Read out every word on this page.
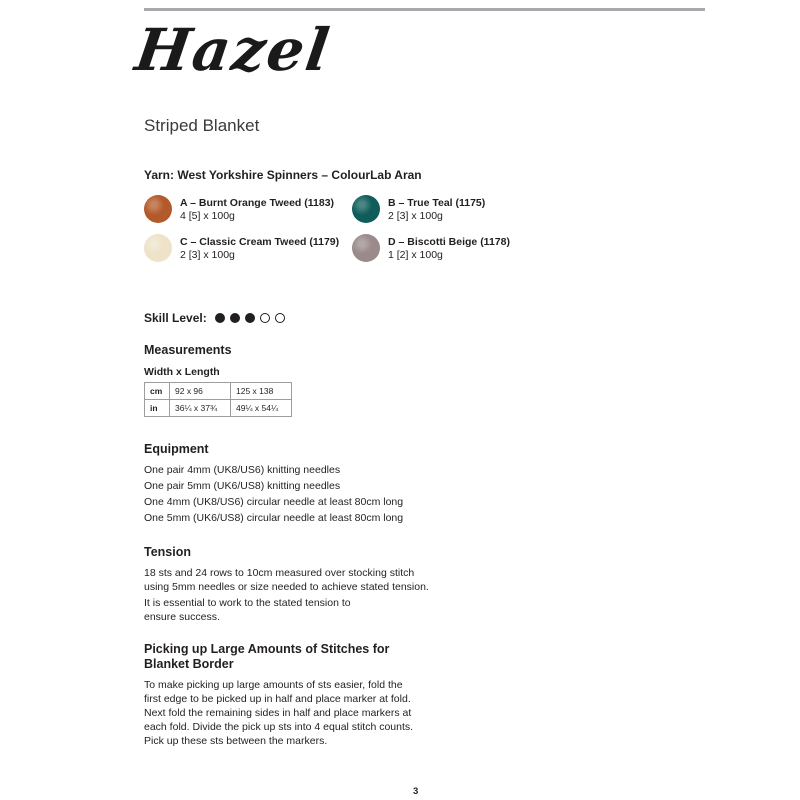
Hazel
Striped Blanket
Yarn: West Yorkshire Spinners – ColourLab Aran
A – Burnt Orange Tweed (1183)
4 [5] x 100g
B – True Teal (1175)
2 [3] x 100g
C – Classic Cream Tweed (1179)
2 [3] x 100g
D – Biscotti Beige (1178)
1 [2] x 100g
Skill Level:
Measurements
Width x Length
cm	92 x 96	125 x 138
in	36¼ x 37¾	49¼ x 54¼
Equipment
One pair 4mm (UK8/US6) knitting needles
One pair 5mm (UK6/US8) knitting needles
One 4mm (UK8/US6) circular needle at least 80cm long
One 5mm (UK6/US8) circular needle at least 80cm long
Tension
18 sts and 24 rows to 10cm measured over stocking stitch
using 5mm needles or size needed to achieve stated tension.
It is essential to work to the stated tension to
ensure success.
Picking up Large Amounts of Stitches for
Blanket Border
To make picking up large amounts of sts easier, fold the
first edge to be picked up in half and place marker at fold.
Next fold the remaining sides in half and place markers at
each fold. Divide the pick up sts into 4 equal stitch counts.
Pick up these sts between the markers.
3
